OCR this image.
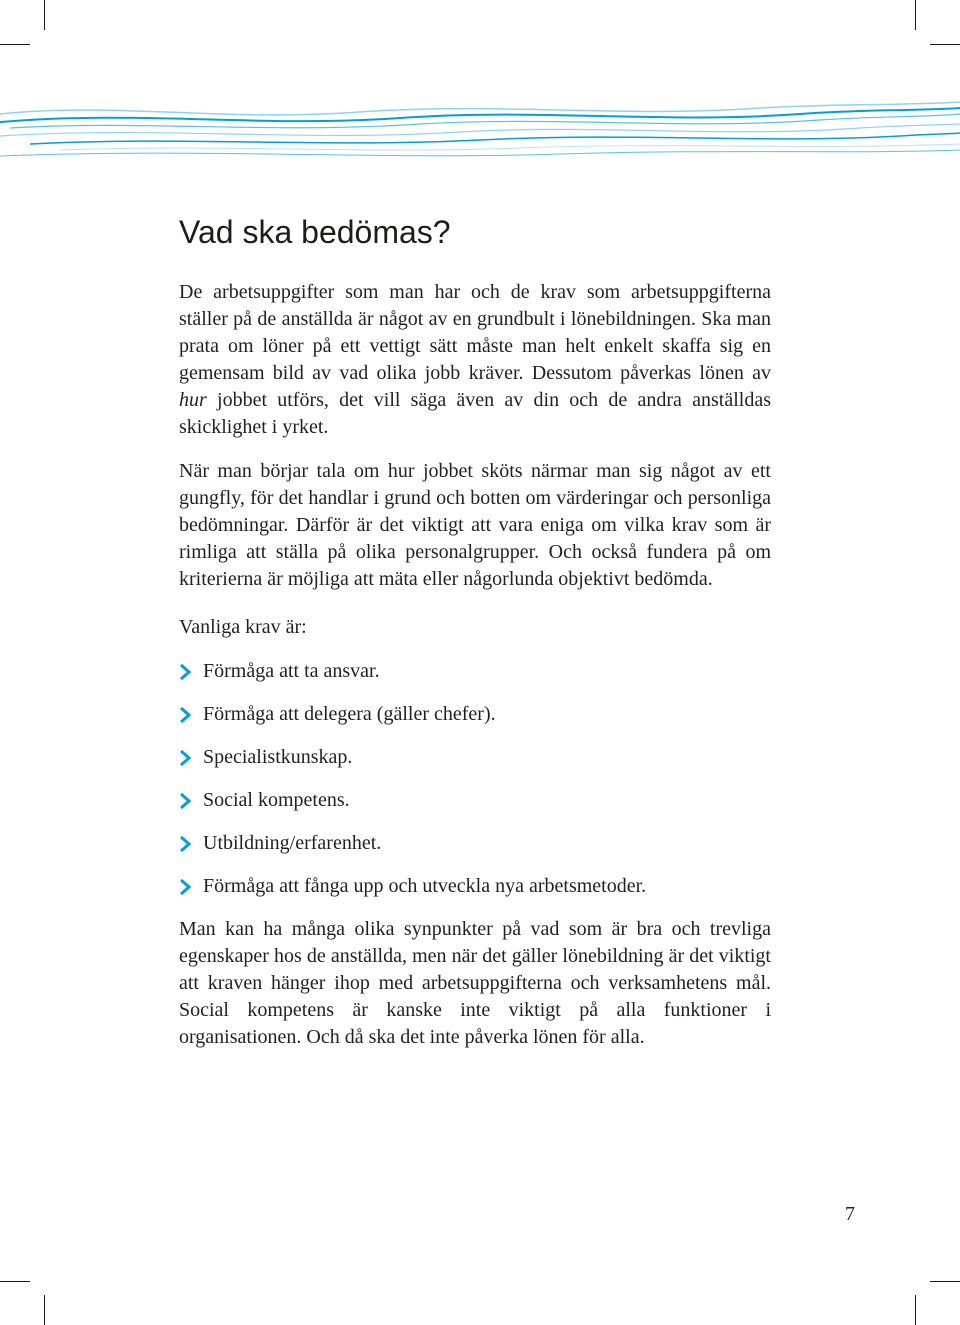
Vad ska bedömas?

De arbetsuppgifter som man har och de krav som arbetsuppgifterna ställer på de anställda är något av en grundbult i lönebildningen. Ska man prata om löner på ett vettigt sätt måste man helt enkelt skaffa sig en gemensam bild av vad olika jobb kräver. Dessutom påverkas lönen av hur jobbet utförs, det vill säga även av din och de andra anställdas skicklighet i yrket.

När man börjar tala om hur jobbet sköts närmar man sig något av ett gungfly, för det handlar i grund och botten om värderingar och personliga bedömningar. Därför är det viktigt att vara eniga om vilka krav som är rimliga att ställa på olika personalgrupper. Och också fundera på om kriterierna är möjliga att mäta eller någorlunda objektivt bedömda.

Vanliga krav är:

Förmåga att ta ansvar.
Förmåga att delegera (gäller chefer).
Specialistkunskap.
Social kompetens.
Utbildning/erfarenhet.
Förmåga att fånga upp och utveckla nya arbetsmetoder.

Man kan ha många olika synpunkter på vad som är bra och trevliga egenskaper hos de anställda, men när det gäller lönebildning är det viktigt att kraven hänger ihop med arbetsuppgifterna och verksamhetens mål. Social kompetens är kanske inte viktigt på alla funktioner i organisationen. Och då ska det inte påverka lönen för alla.

7
